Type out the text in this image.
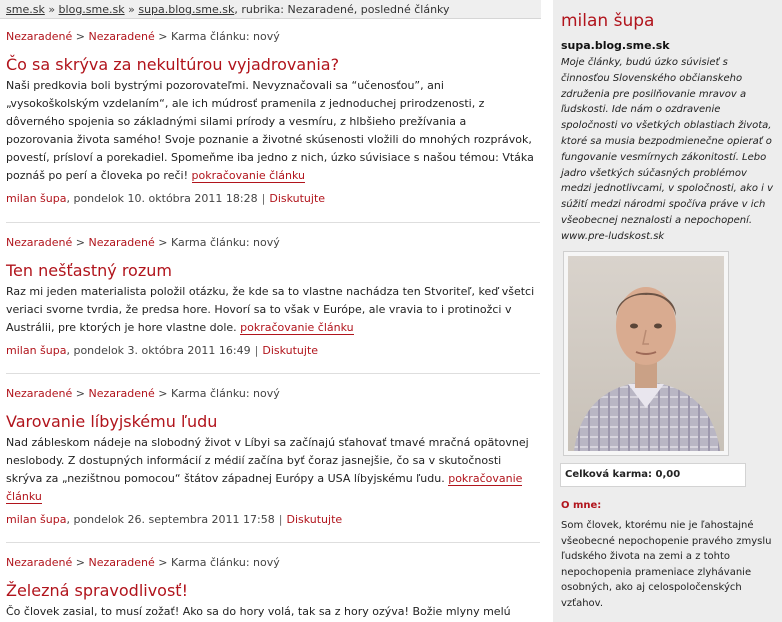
sme.sk » blog.sme.sk » supa.blog.sme.sk, rubrika: Nezaradené, posledné články
Nezaradené > Nezaradené > Karma článku: nový
Čo sa skrýva za nekultúrou vyjadrovania?

Naši predkovia boli bystrými pozorovateľmi. Nevyznačovali sa “učenosťou”, ani „vysokoškolským vzdelaním“, ale ich múdrosť pramenila z jednoduchej prirodzenosti, z dôverného spojenia so základnými silami prírody a vesmíru, z hlbšieho prežívania a pozorovania života samého! Svoje poznanie a životné skúsenosti vložili do mnohých rozprávok, povestí, prísloví a porekadiel. Spomeňme iba jedno z nich, úzko súvisiace s našou témou: Vtáka poznáš po perí a človeka po reči! pokračovanie článku

milan šupa, pondelok 10. októbra 2011 18:28 | Diskutujte
Nezaradené > Nezaradené > Karma článku: nový
Ten nešťastný rozum

Raz mi jeden materialista položil otázku, že kde sa to vlastne nachádza ten Stvoriteľ, keď všetci veriaci svorne tvrdia, že predsa hore. Hovorí sa to však v Európe, ale vravia to i protinožci v Austrálii, pre ktorých je hore vlastne dole. pokračovanie článku

milan šupa, pondelok 3. októbra 2011 16:49 | Diskutujte
Nezaradené > Nezaradené > Karma článku: nový
Varovanie líbyjskému ľudu

Nad zábleskom nádeje na slobodný život v Líbyi sa začínajú sťahovať tmavé mračná opätovnej neslobody. Z dostupných informácií z médií začína byť čoraz jasnejšie, čo sa v skutočnosti skrýva za „nezištnou pomocou“ štátov západnej Európy a USA líbyjskému ľudu. pokračovanie článku

milan šupa, pondelok 26. septembra 2011 17:58 | Diskutujte
Nezaradené > Nezaradené > Karma článku: nový
Železná spravodlivosť!

Čo človek zasial, to musí zožať! Ako sa do hory volá, tak sa z hory ozýva! Božie mlyny melú

milan šupa
supa.blog.sme.sk

Moje články, budú úzko súvisieť s činnosťou Slovenského občianskeho združenia pre posilňovanie mravov a ľudskosti. Ide nám o ozdravenie spoločnosti vo všetkých oblastiach života, ktoré sa musia bezpodmienečne opierať o fungovanie vesmírnych zákonitostí. Lebo jadro všetkých súčasných problémov medzi jednotlivcami, v spoločnosti, ako i v súžití medzi národmi spočíva práve v ich všeobecnej neznalosti a nepochopení. www.pre-ludskost.sk

Celková karma: 0,00
O mne:

Som človek, ktorému nie je ľahostajné všeobecné nepochopenie pravého zmyslu ľudského života na zemi a z tohto nepochopenia prameniace zlyhávanie osobných, ako aj celospoločenských vzťahov.
